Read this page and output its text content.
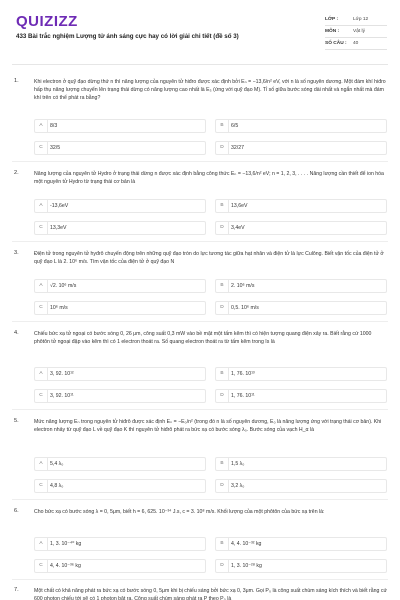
QUIZIZZ
433 Bài trắc nghiệm Lượng tử ánh sáng cực hay có lời giải chi tiết (đề số 3)
LỚP :	Lớp 12
MÔN :	Vật lý
SỐ CÂU :	40
1.	Khi electron ở quỹ đạo dừng thứ n thì năng lượng của nguyên tử hiđro được xác định bởi Eₙ = −13,6/n² eV, với n là số nguyên dương. Một đám khí hiđro hấp thụ năng lượng chuyển lên trạng thái dừng có năng lượng cao nhất là E₃ (ứng với quỹ đạo M). Tỉ số giữa bước sóng dài nhất và ngắn nhất mà đám khí trên có thể phát ra bằng?
A	8/3	B	6/5
C	32/5	D	32/27
2.	Năng lượng của nguyên tử Hydro ở trạng thái dừng n được xác định bằng công thức Eₙ = −13,6/n² eV; n = 1, 2, 3, . . . . Năng lượng cần thiết để ion hóa một nguyên tử Hydro từ trạng thái cơ bản là
A	-13,6eV	B	13,6eV
C	13,3eV	D	3,4eV
3.	Điện tử trong nguyên tử hyđrô chuyển động trên những quỹ đạo tròn do lực tương tác giữa hạt nhân và điện tử là lực Culông. Biết vận tốc của điện tử ở quỹ đạo L là 2. 10⁶ m/s. Tìm vận tốc của điện tử ở quỹ đạo N
A	√2. 10⁶ m/s	B	2. 10⁶ m/s
C	10⁶ m/s	D	0,5. 10⁶ m/s
4.	Chiếu bức xạ tử ngoại có bước sóng 0, 26 μm, công suất 0,3 mW vào bề mặt một tấm kẽm thì có hiện tượng quang điện xảy ra. Biết rằng cứ 1000 phôtôn tử ngoại đập vào kẽm thì có 1 electron thoát ra. Số quang electron thoát ra từ tấm kẽm trong Is là
A	3, 92. 10¹²	B	1, 76. 10¹³
C	3, 92. 10¹¹	D	1, 76. 10¹¹
5.	Mức năng lượng Eₙ trong nguyên tử hiđrô được xác định Eₙ = −E₀/n² (trong đó n là số nguyên dương, E₀ là năng lượng ứng với trạng thái cơ bản). Khi electron nhảy từ quỹ đạo L về quỹ đạo K thì nguyên tử hiđrô phát ra bức xạ có bước sóng λ₀. Bước sóng của vạch H_α là
A	5,4 λ₀	B	1,5 λ₀
C	4,8 λ₀	D	3,2 λ₀
6.	Cho bức xạ có bước sóng λ = 0, 5μm, biết h = 6, 625. 10⁻³⁴ J.s, c = 3. 10⁸ m/s. Khối lượng của một phôtôn của bức xạ trên là:
A	1, 3. 10⁻⁴⁰ kg	B	4, 4. 10⁻³² kg
C	4, 4. 10⁻³⁶ kg	D	1, 3. 10⁻²⁸ kg
7.	Một chất có khả năng phát ra bức xạ có bước sóng 0, 5μm khi bị chiếu sáng bởi bức xạ 0, 3μm. Gọi P₀ là công suất chùm sáng kích thích và biết rằng cứ 600 photon chiếu tới sẽ có 1 photon bật ra. Công suất chùm sáng phát ra P theo P₀ là
